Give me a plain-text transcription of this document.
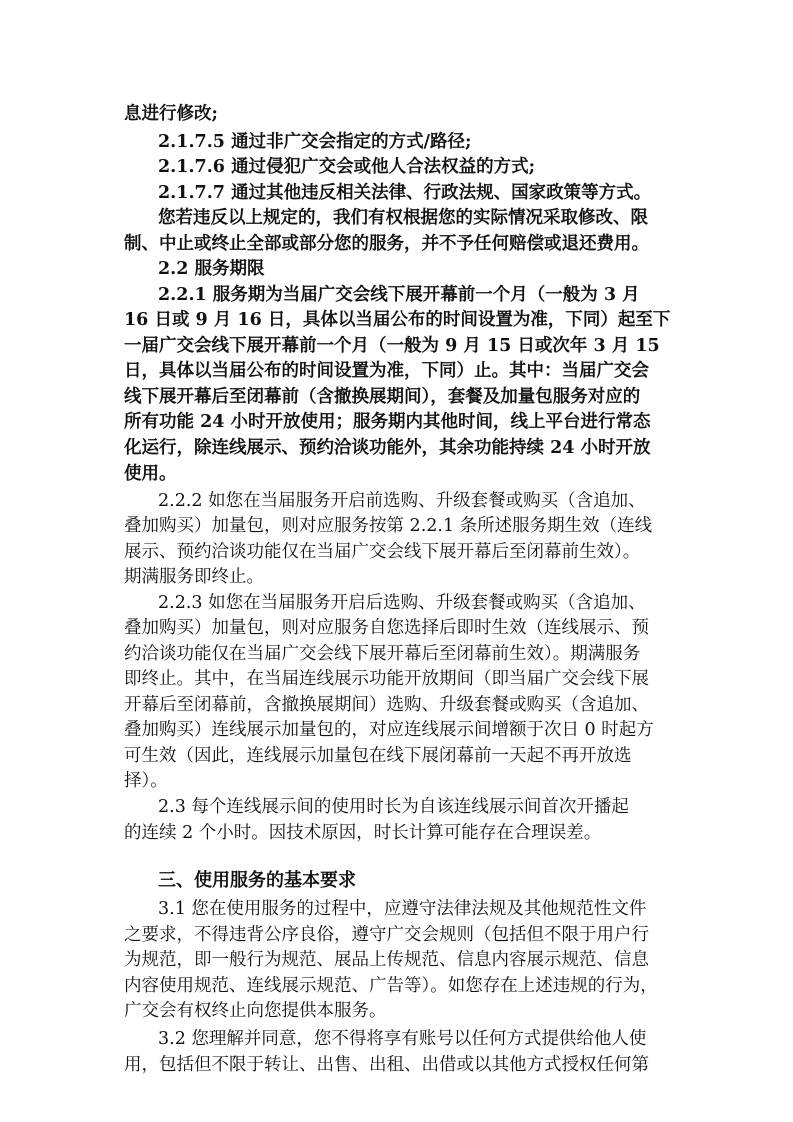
息进行修改;
2.1.7.5 通过非广交会指定的方式/路径;
2.1.7.6 通过侵犯广交会或他人合法权益的方式;
2.1.7.7 通过其他违反相关法律、行政法规、国家政策等方式。
您若违反以上规定的，我们有权根据您的实际情况采取修改、限
制、中止或终止全部或部分您的服务，并不予任何赔偿或退还费用。
2.2 服务期限
2.2.1 服务期为当届广交会线下展开幕前一个月（一般为 3 月
16 日或 9 月 16 日，具体以当届公布的时间设置为准，下同）起至下
一届广交会线下展开幕前一个月（一般为 9 月 15 日或次年 3 月 15
日，具体以当届公布的时间设置为准，下同）止。其中：当届广交会
线下展开幕后至闭幕前（含撤换展期间），套餐及加量包服务对应的
所有功能 24 小时开放使用；服务期内其他时间，线上平台进行常态
化运行，除连线展示、预约洽谈功能外，其余功能持续 24 小时开放
使用。
2.2.2 如您在当届服务开启前选购、升级套餐或购买（含追加、
叠加购买）加量包，则对应服务按第 2.2.1 条所述服务期生效（连线
展示、预约洽谈功能仅在当届广交会线下展开幕后至闭幕前生效）。
期满服务即终止。
2.2.3 如您在当届服务开启后选购、升级套餐或购买（含追加、
叠加购买）加量包，则对应服务自您选择后即时生效（连线展示、预
约洽谈功能仅在当届广交会线下展开幕后至闭幕前生效）。期满服务
即终止。其中，在当届连线展示功能开放期间（即当届广交会线下展
开幕后至闭幕前，含撤换展期间）选购、升级套餐或购买（含追加、
叠加购买）连线展示加量包的，对应连线展示间增额于次日 0 时起方
可生效（因此，连线展示加量包在线下展闭幕前一天起不再开放选
择）。
2.3 每个连线展示间的使用时长为自该连线展示间首次开播起
的连续 2 个小时。因技术原因，时长计算可能存在合理误差。
三、使用服务的基本要求
3.1 您在使用服务的过程中，应遵守法律法规及其他规范性文件
之要求，不得违背公序良俗，遵守广交会规则（包括但不限于用户行
为规范，即一般行为规范、展品上传规范、信息内容展示规范、信息
内容使用规范、连线展示规范、广告等）。如您存在上述违规的行为，
广交会有权终止向您提供本服务。
3.2 您理解并同意，您不得将享有账号以任何方式提供给他人使
用，包括但不限于转让、出售、出租、出借或以其他方式授权任何第
